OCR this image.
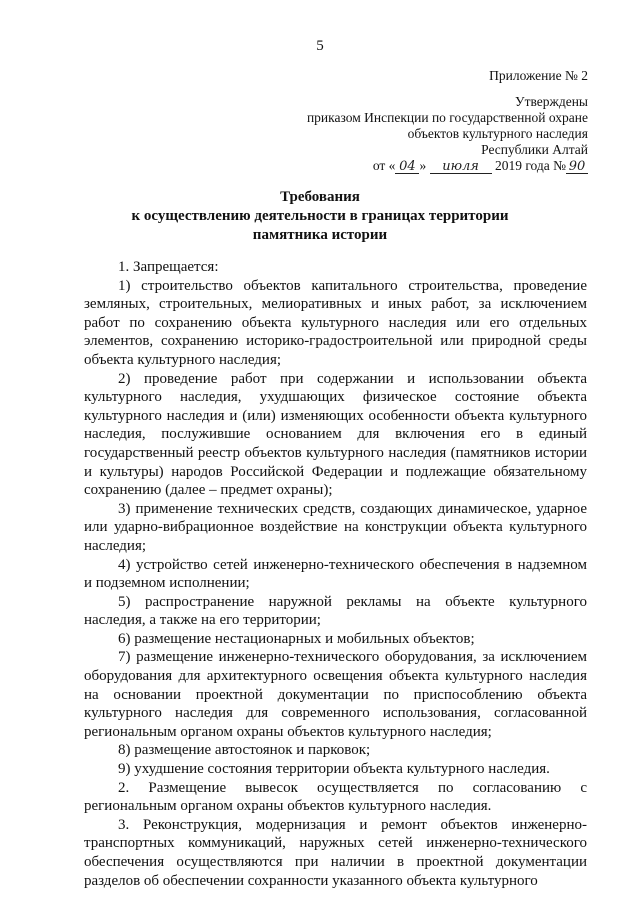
5
Приложение № 2
Утверждены
приказом Инспекции по государственной охране
объектов культурного наследия
Республики Алтай
от « 04 » июля 2019 года № 90
Требования
к осуществлению деятельности в границах территории
памятника истории

1. Запрещается:

1) строительство объектов капитального строительства, проведение земляных, строительных, мелиоративных и иных работ, за исключением работ по сохранению объекта культурного наследия или его отдельных элементов, сохранению историко-градостроительной или природной среды объекта культурного наследия;

2) проведение работ при содержании и использовании объекта культурного наследия, ухудшающих физическое состояние объекта культурного наследия и (или) изменяющих особенности объекта культурного наследия, послужившие основанием для включения его в единый государственный реестр объектов культурного наследия (памятников истории и культуры) народов Российской Федерации и подлежащие обязательному сохранению (далее – предмет охраны);

3) применение технических средств, создающих динамическое, ударное или ударно-вибрационное воздействие на конструкции объекта культурного наследия;

4) устройство сетей инженерно-технического обеспечения в надземном и подземном исполнении;

5) распространение наружной рекламы на объекте культурного наследия, а также на его территории;

6) размещение нестационарных и мобильных объектов;

7) размещение инженерно-технического оборудования, за исключением оборудования для архитектурного освещения объекта культурного наследия на основании проектной документации по приспособлению объекта культурного наследия для современного использования, согласованной региональным органом охраны объектов культурного наследия;

8) размещение автостоянок и парковок;

9) ухудшение состояния территории объекта культурного наследия.

2. Размещение вывесок осуществляется по согласованию с региональным органом охраны объектов культурного наследия.

3. Реконструкция, модернизация и ремонт объектов инженерно-транспортных коммуникаций, наружных сетей инженерно-технического обеспечения осуществляются при наличии в проектной документации разделов об обеспечении сохранности указанного объекта культурного
